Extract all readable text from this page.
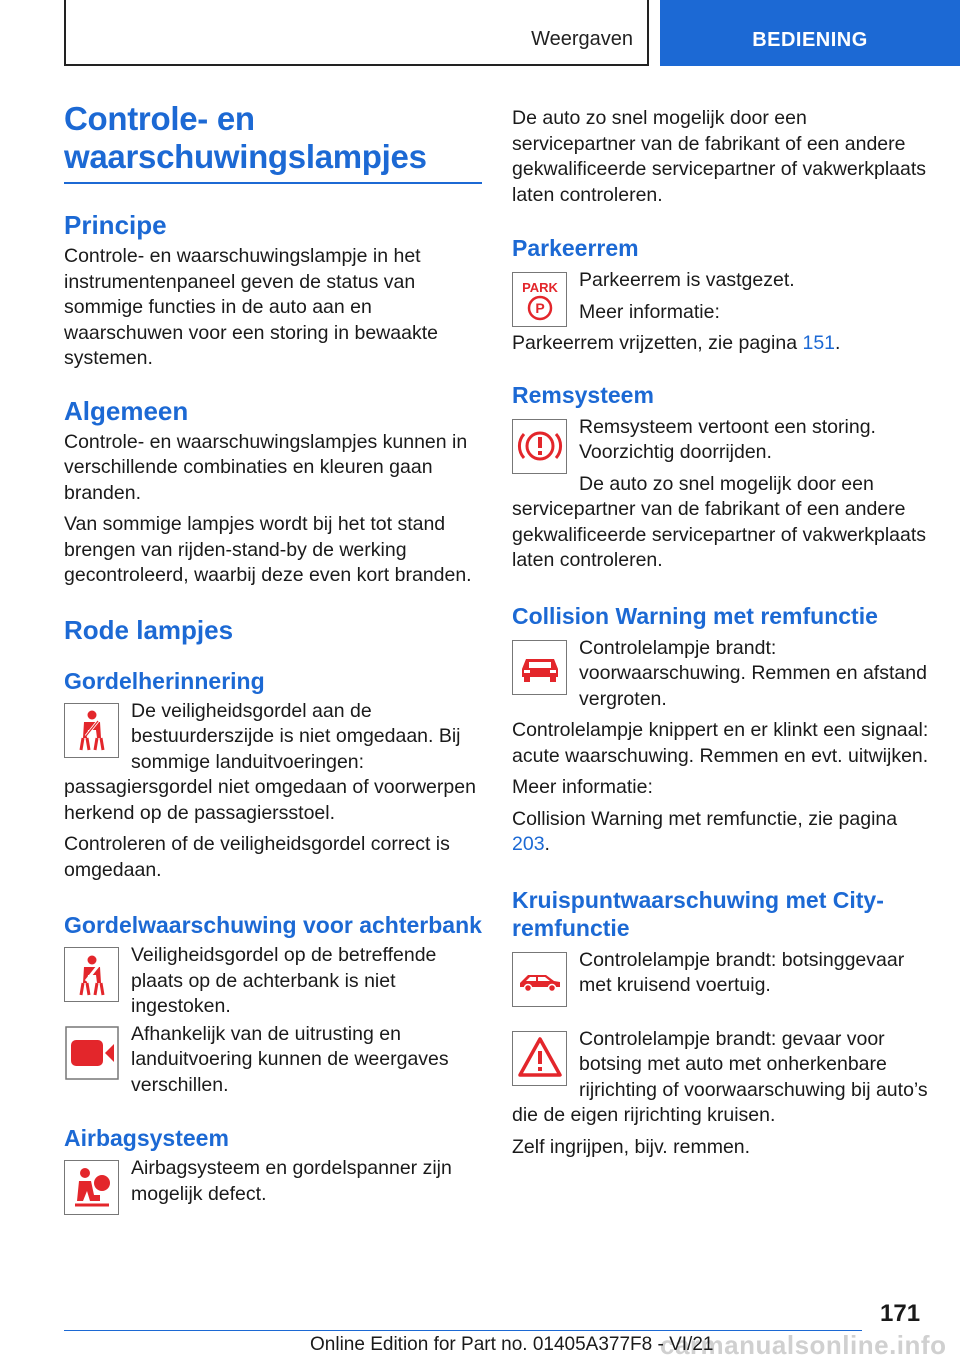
Weergaven	BEDIENING
Controle- en
waarschuwingslampjes
Principe

Controle- en waarschuwingslampje in het instrumentenpaneel geven de status van sommige functies in de auto aan en waarschuwen voor een storing in bewaakte systemen.

Algemeen

Controle- en waarschuwingslampjes kunnen in verschillende combinaties en kleuren gaan branden.

Van sommige lampjes wordt bij het tot stand brengen van rijden-stand-by de werking gecontroleerd, waarbij deze even kort branden.

Rode lampjes
Gordelherinnering

De veiligheidsgordel aan de bestuurderszijde is niet omgedaan. Bij sommige landuitvoeringen: passagiersgordel niet omgedaan of voorwerpen herkend op de passagiersstoel.

Controleren of de veiligheidsgordel correct is omgedaan.

Gordelwaarschuwing voor achterbank

Veiligheidsgordel op de betreffende plaats op de achterbank is niet ingestoken.

Afhankelijk van de uitrusting en landuitvoering kunnen de weergaves verschillen.

Airbagsysteem

Airbagsysteem en gordelspanner zijn mogelijk defect.

De auto zo snel mogelijk door een servicepartner van de fabrikant of een andere gekwalificeerde servicepartner of vakwerkplaats laten controleren.

Parkeerrem
PARK
P

Parkeerrem is vastgezet.

Meer informatie:

Parkeerrem vrijzetten, zie pagina 151.

Remsysteem

Remsysteem vertoont een storing. Voorzichtig doorrijden.

De auto zo snel mogelijk door een servicepartner van de fabrikant of een andere gekwalificeerde servicepartner of vakwerkplaats laten controleren.

Collision Warning met remfunctie

Controlelampje brandt: voorwaarschuwing. Remmen en afstand vergroten.

Controlelampje knippert en er klinkt een signaal: acute waarschuwing. Remmen en evt. uitwijken.

Meer informatie:

Collision Warning met remfunctie, zie pagina 203.

Kruispuntwaarschuwing met City-remfunctie

Controlelampje brandt: botsinggevaar met kruisend voertuig.

Controlelampje brandt: gevaar voor botsing met auto met onherkenbare rijrichting of voorwaarschuwing bij auto’s die de eigen rijrichting kruisen.

Zelf ingrijpen, bijv. remmen.

171
carmanualsonline.info
Online Edition for Part no. 01405A377F8 - VI/21
